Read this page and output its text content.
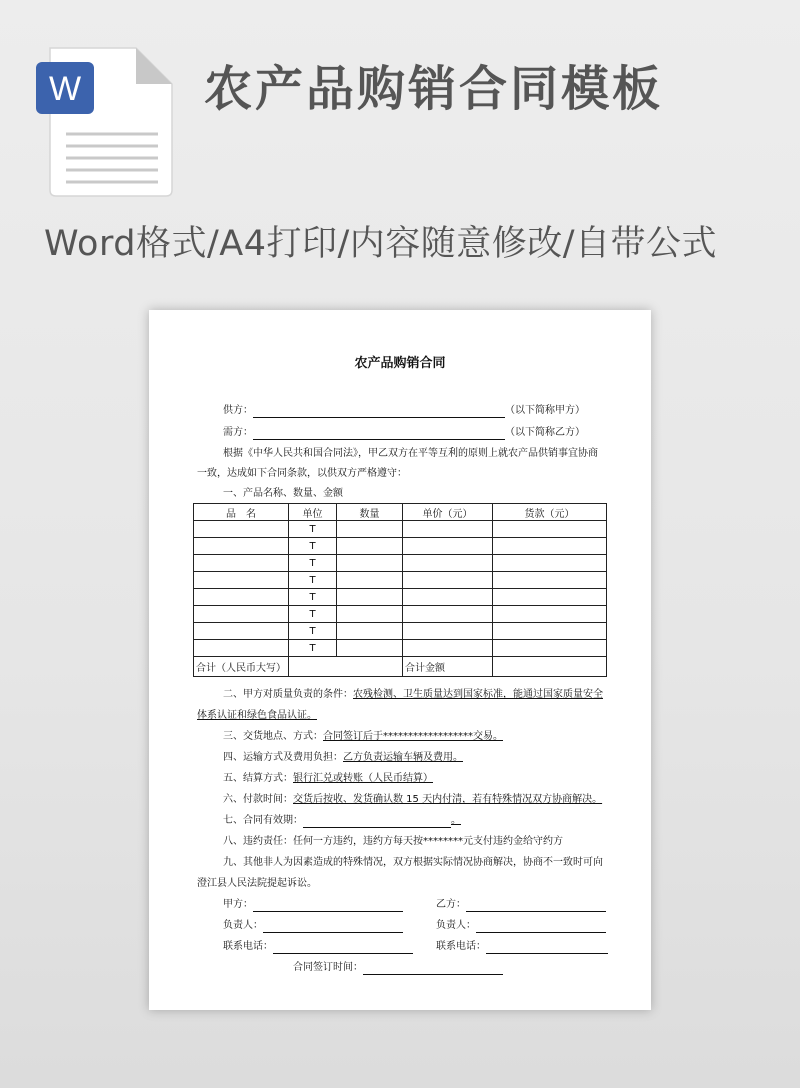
W	农产品购销合同模板
Word格式/A4打印/内容随意修改/自带公式
农产品购销合同
供方：	（以下简称甲方）
需方：	（以下简称乙方）
根据《中华人民共和国合同法》，甲乙双方在平等互利的原则上就农产品供销事宜协商
一致，达成如下合同条款，以供双方严格遵守：
一、产品名称、数量、金额
品　名	单位	数量	单价（元）	货款（元）
	T			
	T			
	T			
	T			
	T			
	T			
	T			
	T			
合计（人民币大写）			合计金额	
二、甲方对质量负责的条件：农残检测、卫生质量达到国家标准，能通过国家质量安全
体系认证和绿色食品认证。
三、交货地点、方式：合同签订后于******************交易。
四、运输方式及费用负担：乙方负责运输车辆及费用。
五、结算方式：银行汇兑或转账（人民币结算）
六、付款时间：交货后按收、发货确认数 15 天内付清，若有特殊情况双方协商解决。
七、合同有效期：	。
八、违约责任：任何一方违约，违约方每天按********元支付违约金给守约方
九、其他非人为因素造成的特殊情况，双方根据实际情况协商解决，协商不一致时可向
澄江县人民法院提起诉讼。
甲方：	乙方：
负责人：	负责人：
联系电话：	联系电话：
合同签订时间：
